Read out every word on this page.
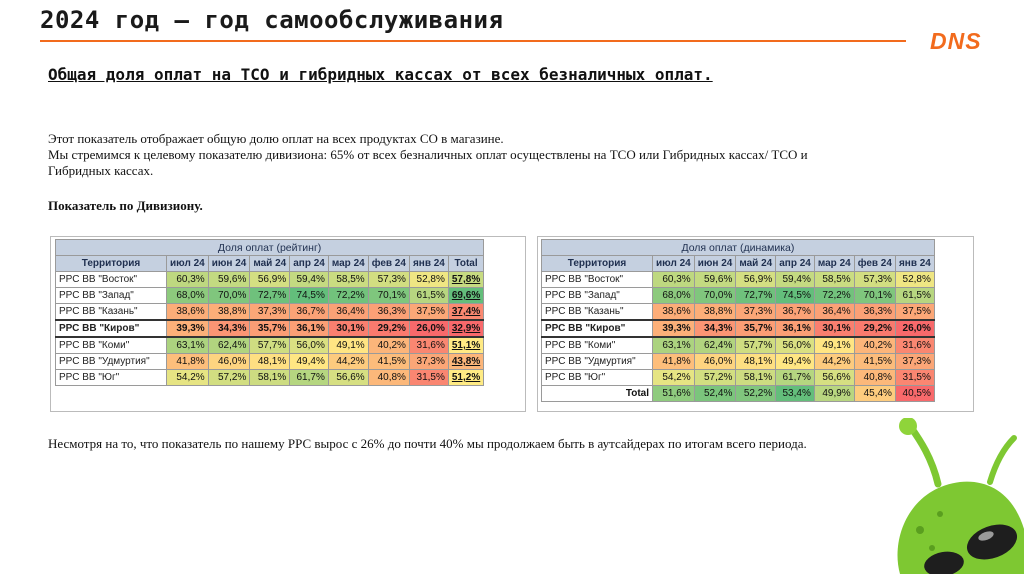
2024 год – год самообслуживания
DNS
Общая доля оплат на ТСО и гибридных кассах от всех безналичных оплат.
Этот показатель отображает общую долю оплат на всех продуктах СО в магазине.
Мы стремимся к целевому показателю дивизиона: 65% от всех безналичных оплат осуществлены на ТСО или Гибридных кассах/ ТСО и
Гибридных кассах.
Показатель по Дивизиону.
Доля оплат (рейтинг)								
Территория	июл 24	июн 24	май 24	апр 24	мар 24	фев 24	янв 24	Total
РРС ВВ "Восток"	60,3%	59,6%	56,9%	59,4%	58,5%	57,3%	52,8%	57,8%
РРС ВВ "Запад"	68,0%	70,0%	72,7%	74,5%	72,2%	70,1%	61,5%	69,6%
РРС ВВ "Казань"	38,6%	38,8%	37,3%	36,7%	36,4%	36,3%	37,5%	37,4%
РРС ВВ "Киров"	39,3%	34,3%	35,7%	36,1%	30,1%	29,2%	26,0%	32,9%
РРС ВВ "Коми"	63,1%	62,4%	57,7%	56,0%	49,1%	40,2%	31,6%	51,1%
РРС ВВ "Удмуртия"	41,8%	46,0%	48,1%	49,4%	44,2%	41,5%	37,3%	43,8%
РРС ВВ "Юг"	54,2%	57,2%	58,1%	61,7%	56,6%	40,8%	31,5%	51,2%
Доля оплат (динамика)							
Территория	июл 24	июн 24	май 24	апр 24	мар 24	фев 24	янв 24
РРС ВВ "Восток"	60,3%	59,6%	56,9%	59,4%	58,5%	57,3%	52,8%
РРС ВВ "Запад"	68,0%	70,0%	72,7%	74,5%	72,2%	70,1%	61,5%
РРС ВВ "Казань"	38,6%	38,8%	37,3%	36,7%	36,4%	36,3%	37,5%
РРС ВВ "Киров"	39,3%	34,3%	35,7%	36,1%	30,1%	29,2%	26,0%
РРС ВВ "Коми"	63,1%	62,4%	57,7%	56,0%	49,1%	40,2%	31,6%
РРС ВВ "Удмуртия"	41,8%	46,0%	48,1%	49,4%	44,2%	41,5%	37,3%
РРС ВВ "Юг"	54,2%	57,2%	58,1%	61,7%	56,6%	40,8%	31,5%
Total	51,6%	52,4%	52,2%	53,4%	49,9%	45,4%	40,5%
Несмотря на то, что показатель по нашему РРС вырос с 26% до почти 40% мы продолжаем быть в аутсайдерах по итогам всего периода.
